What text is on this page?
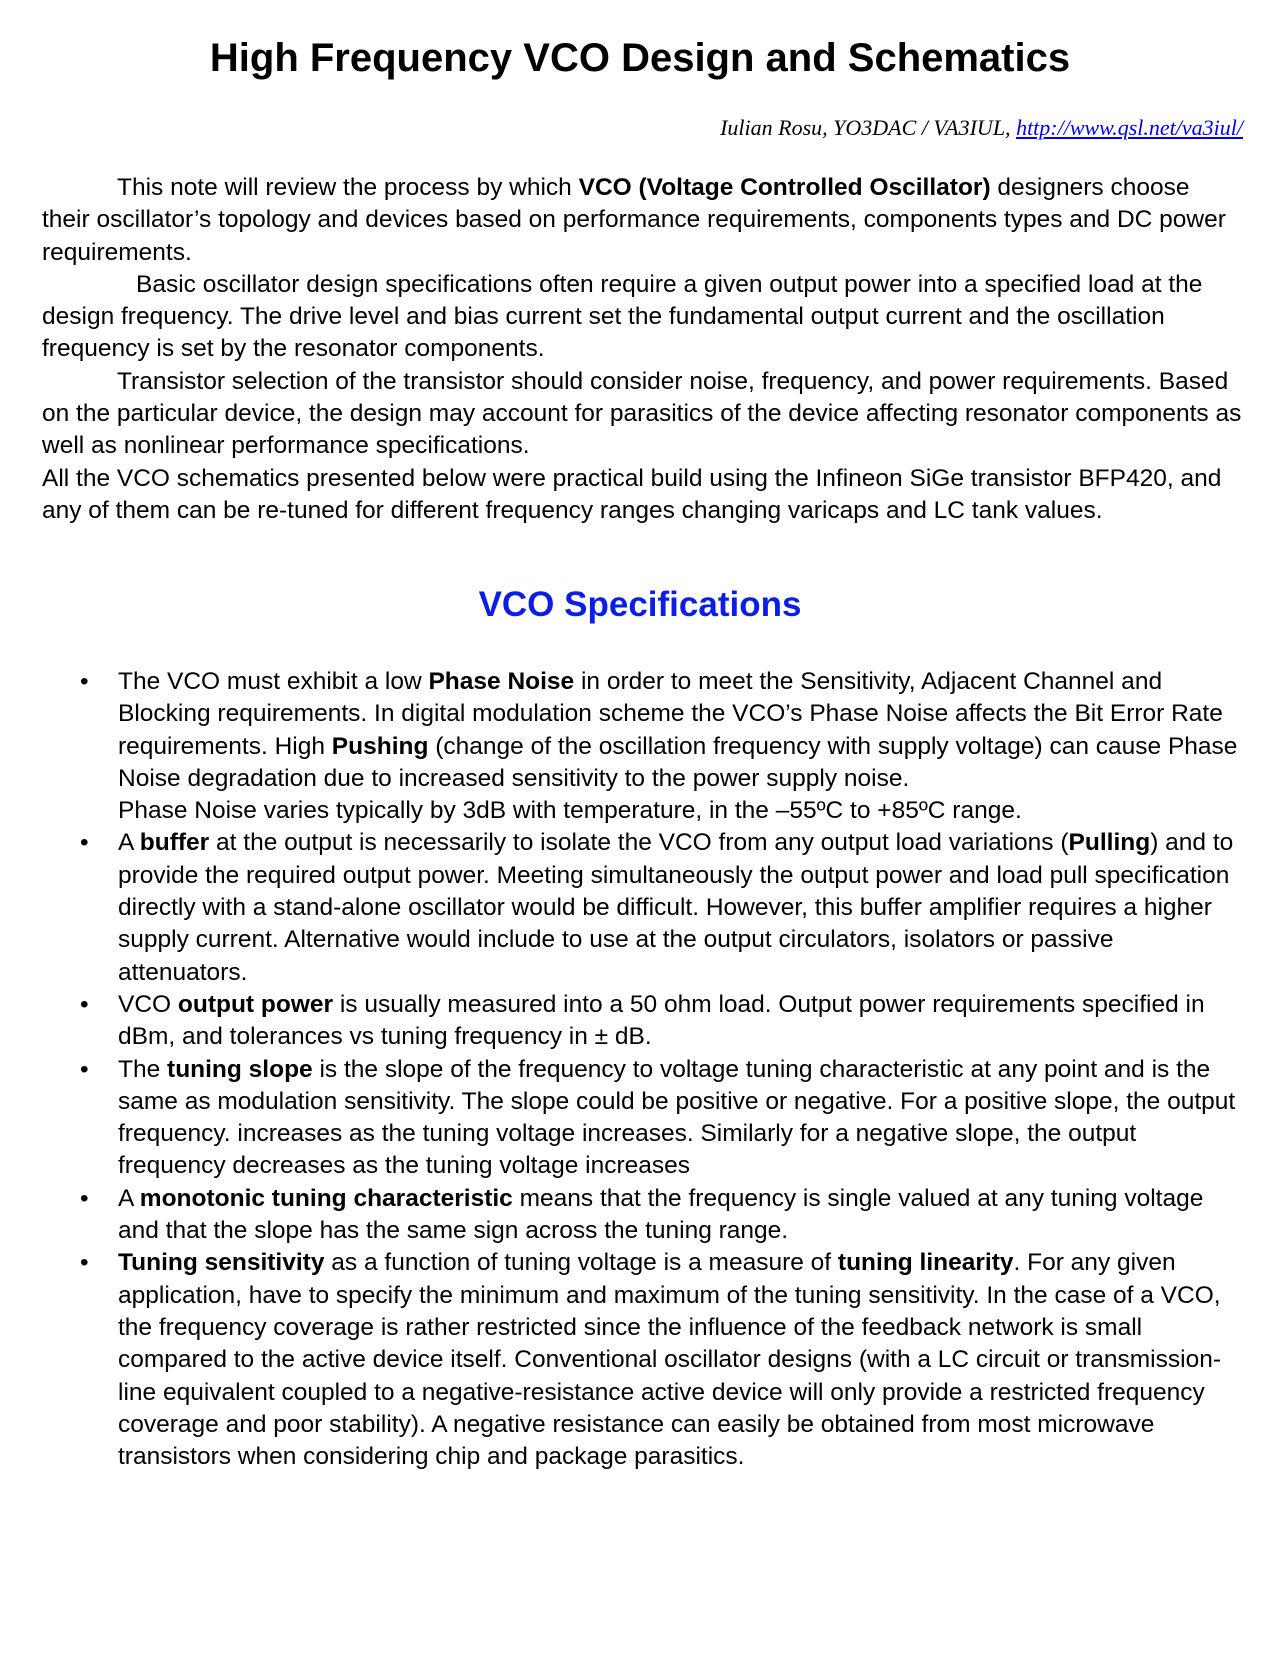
High Frequency VCO Design and Schematics

Iulian Rosu, YO3DAC / VA3IUL, http://www.qsl.net/va3iul/

This note will review the process by which VCO (Voltage Controlled Oscillator) designers choose their oscillator’s topology and devices based on performance requirements, components types and DC power requirements.

Basic oscillator design specifications often require a given output power into a specified load at the design frequency. The drive level and bias current set the fundamental output current and the oscillation frequency is set by the resonator components.

Transistor selection of the transistor should consider noise, frequency, and power requirements. Based on the particular device, the design may account for parasitics of the device affecting resonator components as well as nonlinear performance specifications.

All the VCO schematics presented below were practical build using the Infineon SiGe transistor BFP420, and any of them can be re-tuned for different frequency ranges changing varicaps and LC tank values.

VCO Specifications
• The VCO must exhibit a low Phase Noise in order to meet the Sensitivity, Adjacent Channel and Blocking requirements. In digital modulation scheme the VCO’s Phase Noise affects the Bit Error Rate requirements. High Pushing (change of the oscillation frequency with supply voltage) can cause Phase Noise degradation due to increased sensitivity to the power supply noise.

Phase Noise varies typically by 3dB with temperature, in the –55ºC to +85ºC range.

• A buffer at the output is necessarily to isolate the VCO from any output load variations (Pulling) and to provide the required output power. Meeting simultaneously the output power and load pull specification directly with a stand-alone oscillator would be difficult. However, this buffer amplifier requires a higher supply current. Alternative would include to use at the output circulators, isolators or passive attenuators.

• VCO output power is usually measured into a 50 ohm load. Output power requirements specified in dBm, and tolerances vs tuning frequency in ± dB.

• The tuning slope is the slope of the frequency to voltage tuning characteristic at any point and is the same as modulation sensitivity. The slope could be positive or negative. For a positive slope, the output frequency. increases as the tuning voltage increases. Similarly for a negative slope, the output frequency decreases as the tuning voltage increases

• A monotonic tuning characteristic means that the frequency is single valued at any tuning voltage and that the slope has the same sign across the tuning range.

• Tuning sensitivity as a function of tuning voltage is a measure of tuning linearity. For any given application, have to specify the minimum and maximum of the tuning sensitivity. In the case of a VCO, the frequency coverage is rather restricted since the influence of the feedback network is small compared to the active device itself. Conventional oscillator designs (with a LC circuit or transmission-line equivalent coupled to a negative-resistance active device will only provide a restricted frequency coverage and poor stability). A negative resistance can easily be obtained from most microwave transistors when considering chip and package parasitics.
